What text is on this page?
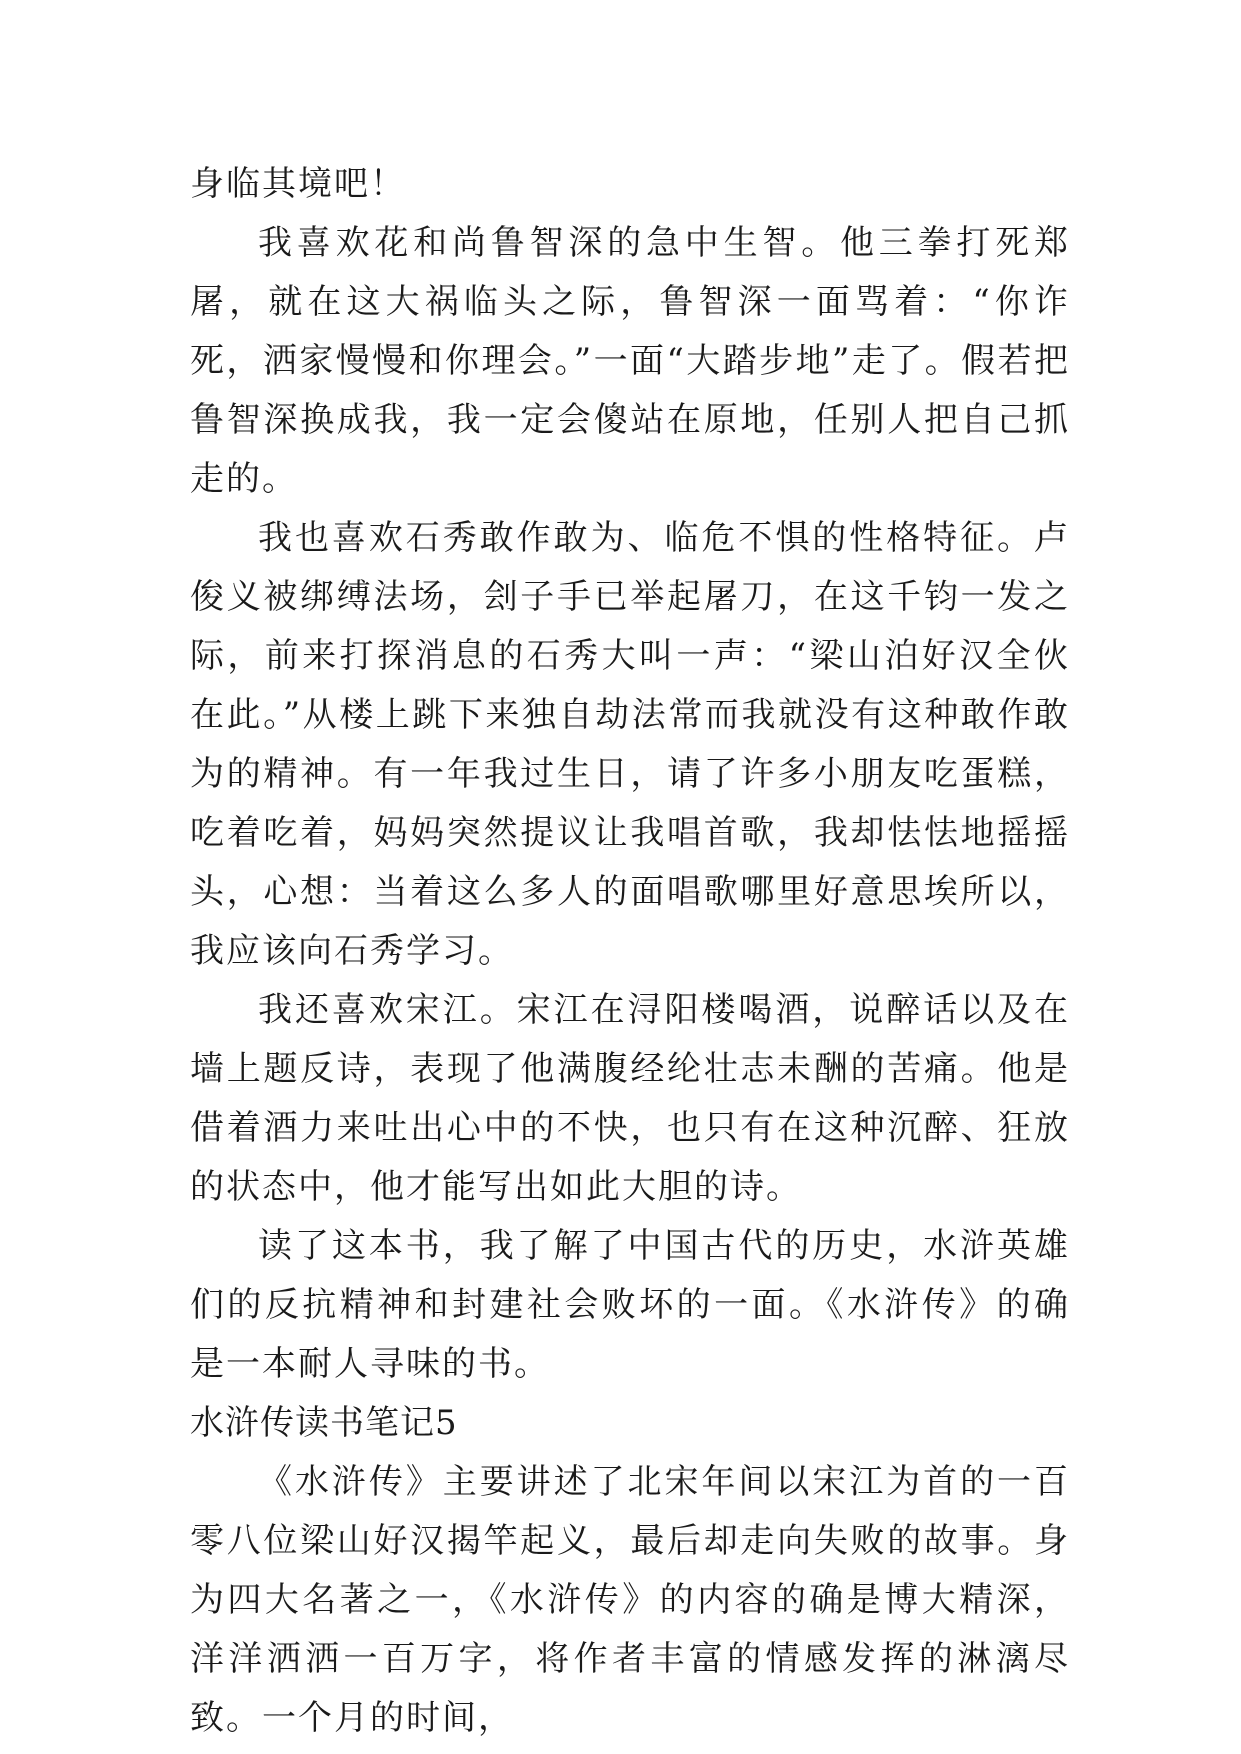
身临其境吧！

我喜欢花和尚鲁智深的急中生智。他三拳打死郑屠，就在这大祸临头之际，鲁智深一面骂着：“你诈死，洒家慢慢和你理会。”一面“大踏步地”走了。假若把鲁智深换成我，我一定会傻站在原地，任别人把自己抓走的。

我也喜欢石秀敢作敢为、临危不惧的性格特征。卢俊义被绑缚法场，刽子手已举起屠刀，在这千钧一发之际，前来打探消息的石秀大叫一声：“梁山泊好汉全伙在此。”从楼上跳下来独自劫法常而我就没有这种敢作敢为的精神。有一年我过生日，请了许多小朋友吃蛋糕，吃着吃着，妈妈突然提议让我唱首歌，我却怯怯地摇摇头，心想：当着这么多人的面唱歌哪里好意思埃所以，我应该向石秀学习。

我还喜欢宋江。宋江在浔阳楼喝酒，说醉话以及在墙上题反诗，表现了他满腹经纶壮志未酬的苦痛。他是借着酒力来吐出心中的不快，也只有在这种沉醉、狂放的状态中，他才能写出如此大胆的诗。

读了这本书，我了解了中国古代的历史，水浒英雄们的反抗精神和封建社会败坏的一面。《水浒传》的确是一本耐人寻味的书。

水浒传读书笔记5

《水浒传》主要讲述了北宋年间以宋江为首的一百零八位梁山好汉揭竿起义，最后却走向失败的故事。身为四大名著之一，《水浒传》的内容的确是博大精深，洋洋洒洒一百万字，将作者丰富的情感发挥的淋漓尽致。一个月的时间，
